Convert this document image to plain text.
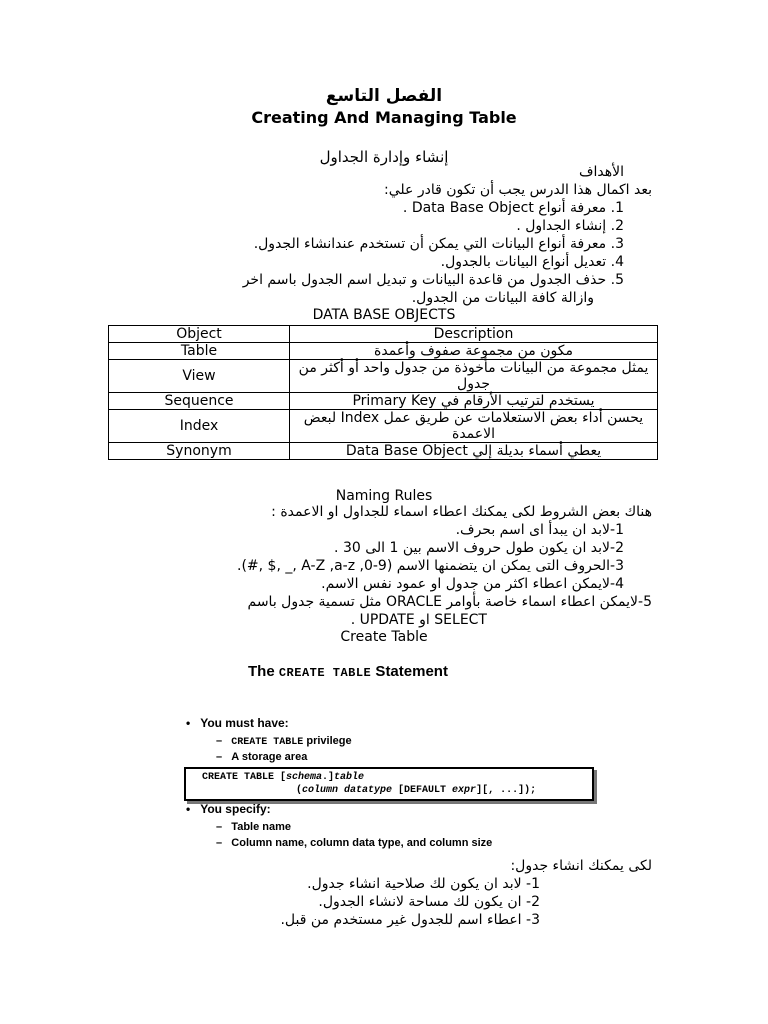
الفصل التاسع
Creating And Managing Table
إنشاء وإدارة الجداول
الأهداف
بعد اكمال هذا الدرس يجب أن تكون قادر علي:
1. معرفة أنواع Data Base Object .
2. إنشاء الجداول .
3. معرفة أنواع البيانات التي يمكن أن تستخدم عندانشاء الجدول.
4. تعديل أنواع البيانات بالجدول.
5. حذف الجدول من قاعدة البيانات و تبديل اسم الجدول باسم اخر
وازالة كافة البيانات من الجدول.
DATA BASE OBJECTS
Object	Description
Table	مكون من مجموعة صفوف وأعمدة
View	يمثل مجموعة من البيانات مأخوذة من جدول واحد أو أكثر من جدول
Sequence	يستخدم لترتيب الأرقام في Primary Key
Index	يحسن أداء بعض الاستعلامات عن طريق عمل Index لبعض الاعمدة
Synonym	يعطي أسماء بديلة إلي Data Base Object
Naming Rules
هناك بعض الشروط لكى يمكنك اعطاء اسماء للجداول او الاعمدة :
1-لابد ان يبدأ اى اسم بحرف.
2-لابد ان يكون طول حروف الاسم بين 1 الى 30 .
3-الحروف التى يمكن ان يتضمنها الاسم (A-Z ,a-z ,0-9 ,_ ,$ ,#).
4-لايمكن اعطاء اكثر من جدول او عمود نفس الاسم.
5-لايمكن اعطاء اسماء خاصة بأوامر ORACLE مثل تسمية جدول باسم
SELECT او UPDATE .
Create Table
The CREATE TABLE Statement
•   You must have:
–   CREATE TABLE privilege
–   A storage area
CREATE TABLE [schema.]table
(column datatype [DEFAULT expr][, ...]);
•   You specify:
–   Table name
–   Column name, column data type, and column size
لكى يمكنك انشاء جدول:
1- لابد ان يكون لك صلاحية انشاء جدول.
2- ان يكون لك مساحة لانشاء الجدول.
3- اعطاء اسم للجدول غير مستخدم من قبل.
